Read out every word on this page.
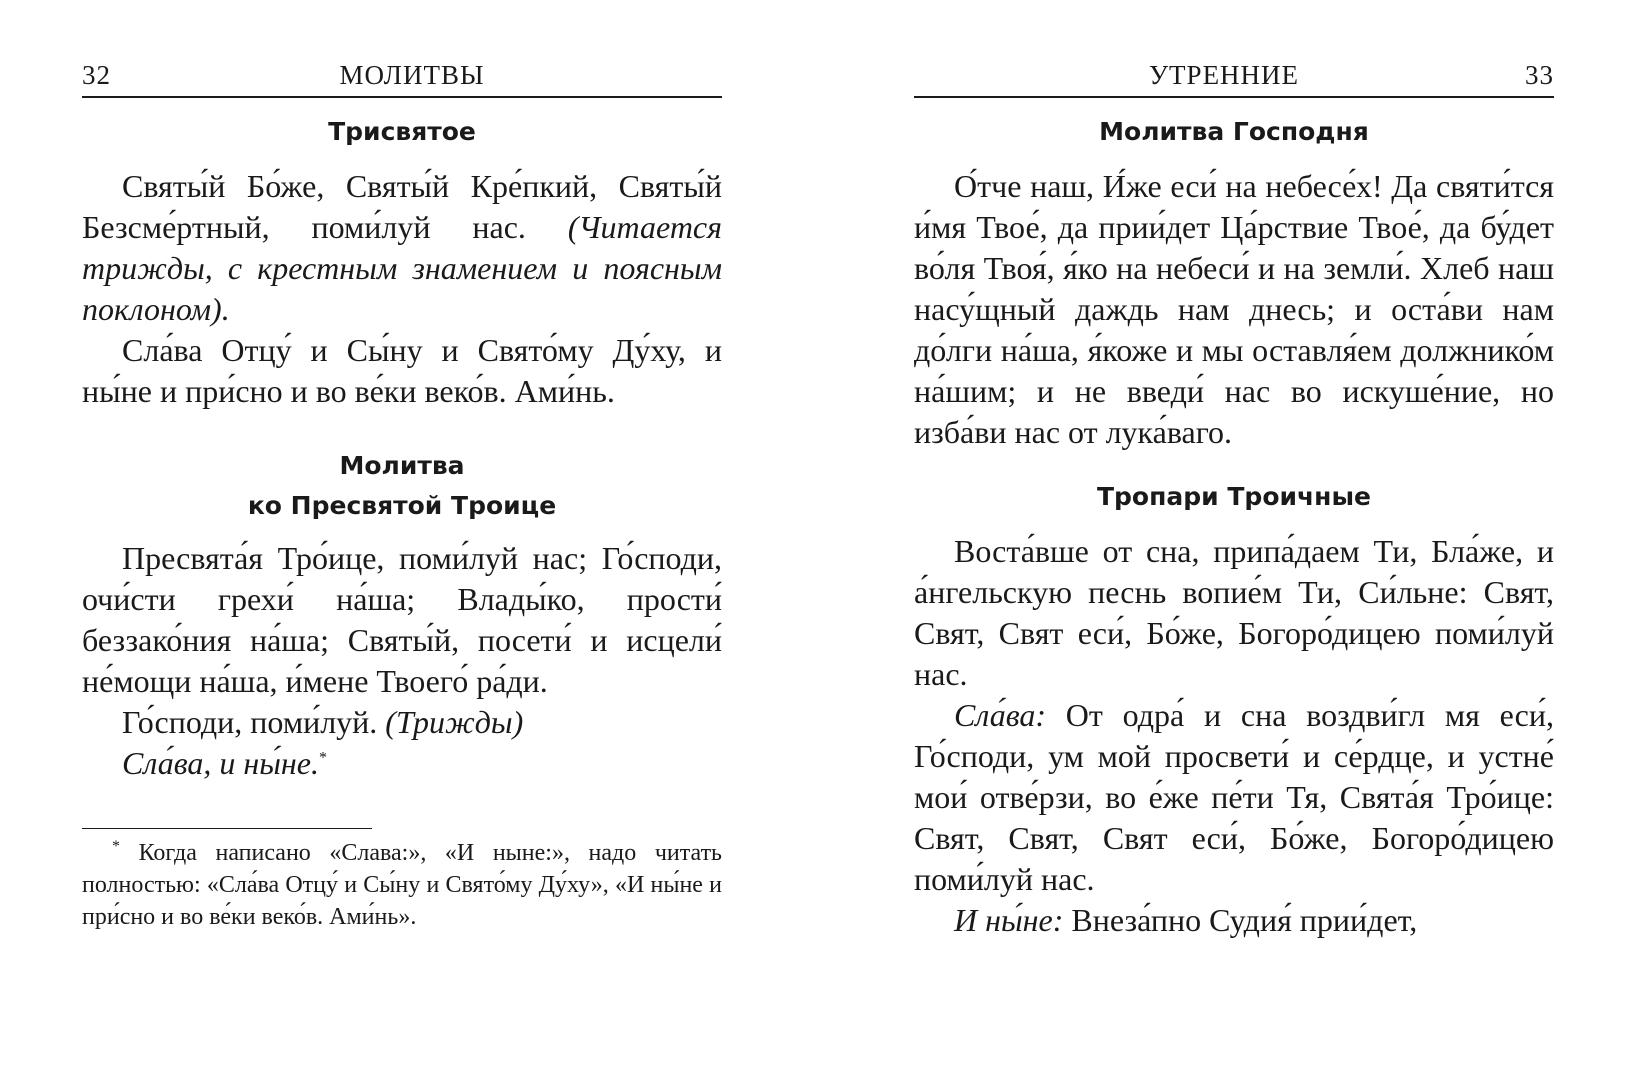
32	МОЛИТВЫ
Трисвятое

Святы́й Бо́же, Святы́й Кре́пкий, Святы́й Безсме́ртный, поми́луй нас. (Читается трижды, с крестным знамением и поясным поклоном).

Сла́ва Отцу́ и Сы́ну и Свято́му Ду́ху, и ны́не и при́сно и во ве́ки веко́в. Ами́нь.

Молитва
ко Пресвятой Троице

Пресвята́я Тро́ице, поми́луй нас; Го́споди, очи́сти грехи́ на́ша; Влады́ко, прости́ беззако́ния на́ша; Святы́й, посети́ и исцели́ не́мощи на́ша, и́мене Твоего́ ра́ди.

Го́споди, поми́луй. (Трижды)

Сла́ва, и ны́не.*

* Когда написано «Слава:», «И ныне:», надо читать полностью: «Сла́ва Отцу́ и Сы́ну и Свято́му Ду́ху», «И ны́не и при́сно и во ве́ки веко́в. Ами́нь».

УТРЕННИЕ	33
Молитва Господня

О́тче наш, И́же еси́ на небесе́х! Да святи́тся и́мя Твое́, да прии́дет Ца́рствие Твое́, да бу́дет во́ля Твоя́, я́ко на небеси́ и на земли́. Хлеб наш насу́щный даждь нам днесь; и оста́ви нам до́лги на́ша, я́коже и мы оставля́ем должнико́м на́шим; и не введи́ нас во искуше́ние, но изба́ви нас от лука́ваго.

Тропари Троичные

Воста́вше от сна, припа́даем Ти, Бла́же, и а́нгельскую песнь вопие́м Ти, Си́льне: Свят, Свят, Свят еси́, Бо́же, Богоро́дицею поми́луй нас.

Сла́ва: От одра́ и сна воздви́гл мя еси́, Го́споди, ум мой просвети́ и се́рдце, и устне́ мои́ отве́рзи, во е́же пе́ти Тя, Свята́я Тро́ице: Свят, Свят, Свят еси́, Бо́же, Богоро́дицею поми́луй нас.

И ны́не: Внеза́пно Судия́ прии́дет,
